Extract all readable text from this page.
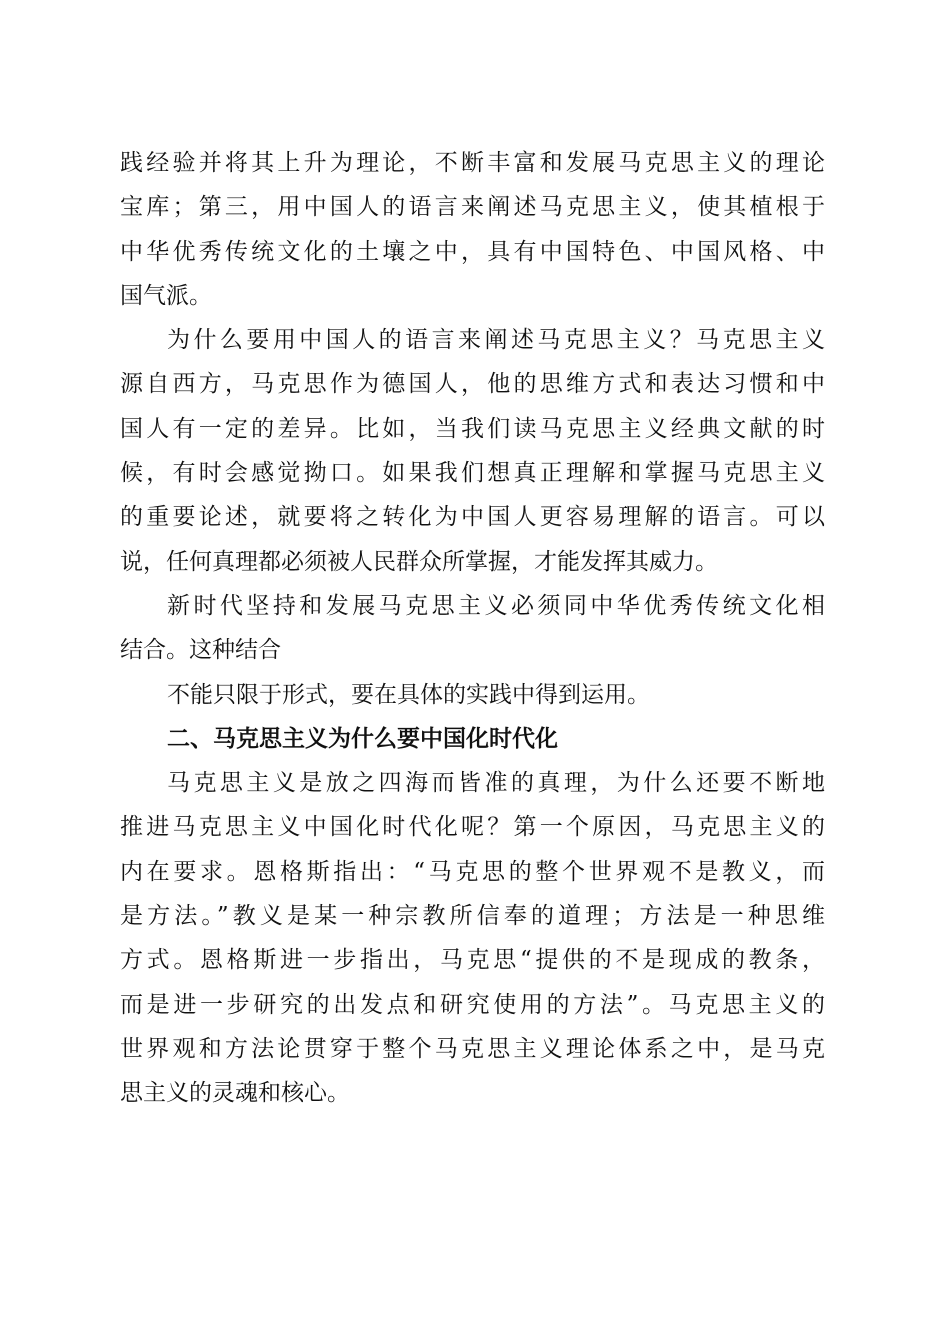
践经验并将其上升为理论，不断丰富和发展马克思主义的理论
宝库；第三，用中国人的语言来阐述马克思主义，使其植根于
中华优秀传统文化的土壤之中，具有中国特色、中国风格、中
国气派。
为什么要用中国人的语言来阐述马克思主义？马克思主义
源自西方，马克思作为德国人，他的思维方式和表达习惯和中
国人有一定的差异。比如，当我们读马克思主义经典文献的时
候，有时会感觉拗口。如果我们想真正理解和掌握马克思主义
的重要论述，就要将之转化为中国人更容易理解的语言。可以
说，任何真理都必须被人民群众所掌握，才能发挥其威力。
新时代坚持和发展马克思主义必须同中华优秀传统文化相
结合。这种结合
不能只限于形式，要在具体的实践中得到运用。
二、马克思主义为什么要中国化时代化
马克思主义是放之四海而皆准的真理，为什么还要不断地
推进马克思主义中国化时代化呢？第一个原因，马克思主义的
内在要求。恩格斯指出：“马克思的整个世界观不是教义，而
是方法。”教义是某一种宗教所信奉的道理；方法是一种思维
方式。恩格斯进一步指出，马克思“提供的不是现成的教条，
而是进一步研究的出发点和研究使用的方法”。马克思主义的
世界观和方法论贯穿于整个马克思主义理论体系之中，是马克
思主义的灵魂和核心。
